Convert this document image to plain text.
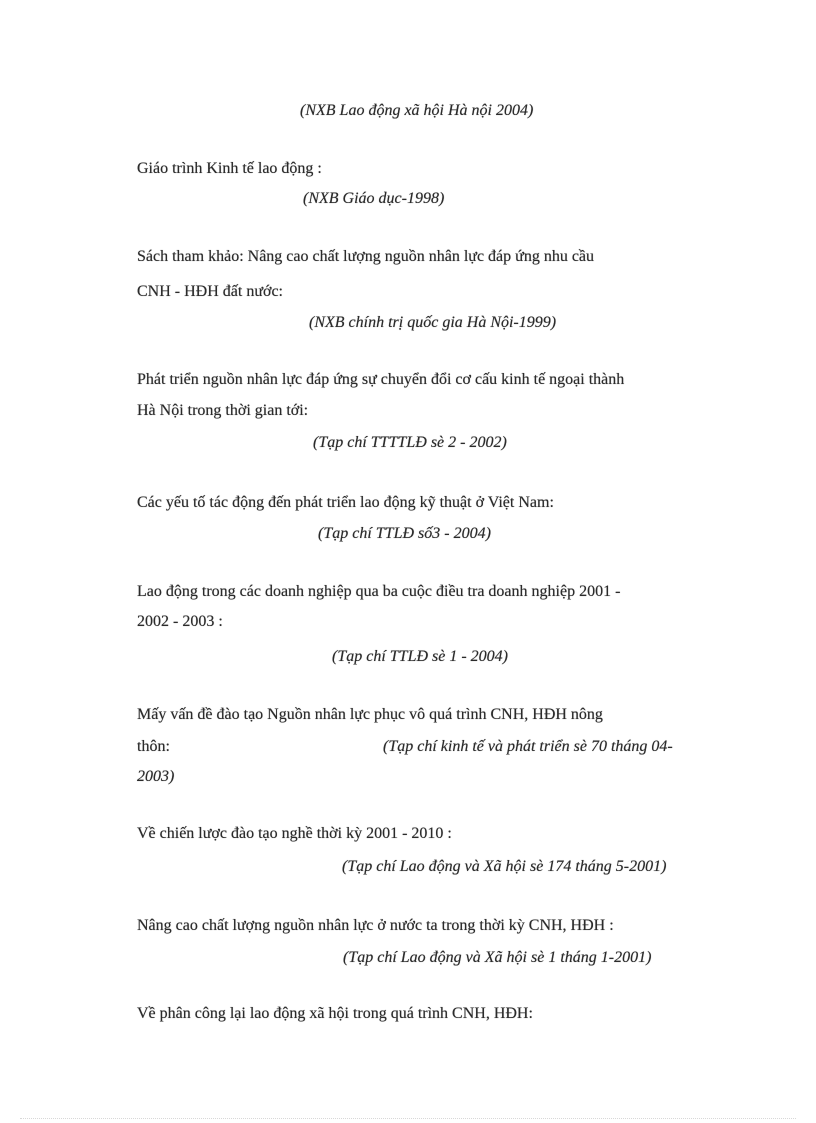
(NXB Lao động xã hội Hà nội 2004)
Giáo trình Kinh tế lao động :
(NXB Giáo dục-1998)
Sách tham khảo: Nâng cao chất lượng nguồn nhân lực đáp ứng nhu cầu
CNH - HĐH đất nước:
(NXB chính trị quốc gia Hà Nội-1999)
Phát triển nguồn nhân lực đáp ứng sự chuyển đổi cơ cấu kinh tế ngoại thành
Hà Nội trong thời gian tới:
(Tạp chí TTTTLĐ sè 2 - 2002)
Các yếu tố tác động đến phát triển lao động kỹ thuật ở Việt Nam:
(Tạp chí TTLĐ số3 - 2004)
Lao động trong các doanh nghiệp qua ba cuộc điều tra doanh nghiệp 2001 -
2002 - 2003 :
(Tạp chí TTLĐ sè 1 - 2004)
Mấy vấn đề đào tạo Nguồn nhân lực phục vô quá trình CNH, HĐH nông
thôn:	(Tạp chí kinh tế và phát triển sè 70 tháng 04-
2003)
Về chiến lược đào tạo nghề thời kỳ 2001 - 2010 :
(Tạp chí Lao động và Xã hội sè 174 tháng 5-2001)
Nâng cao chất lượng nguồn nhân lực ở nước ta trong thời kỳ CNH, HĐH :
(Tạp chí Lao động và Xã hội sè 1 tháng 1-2001)
Về phân công lại lao động xã hội trong quá trình CNH, HĐH:
